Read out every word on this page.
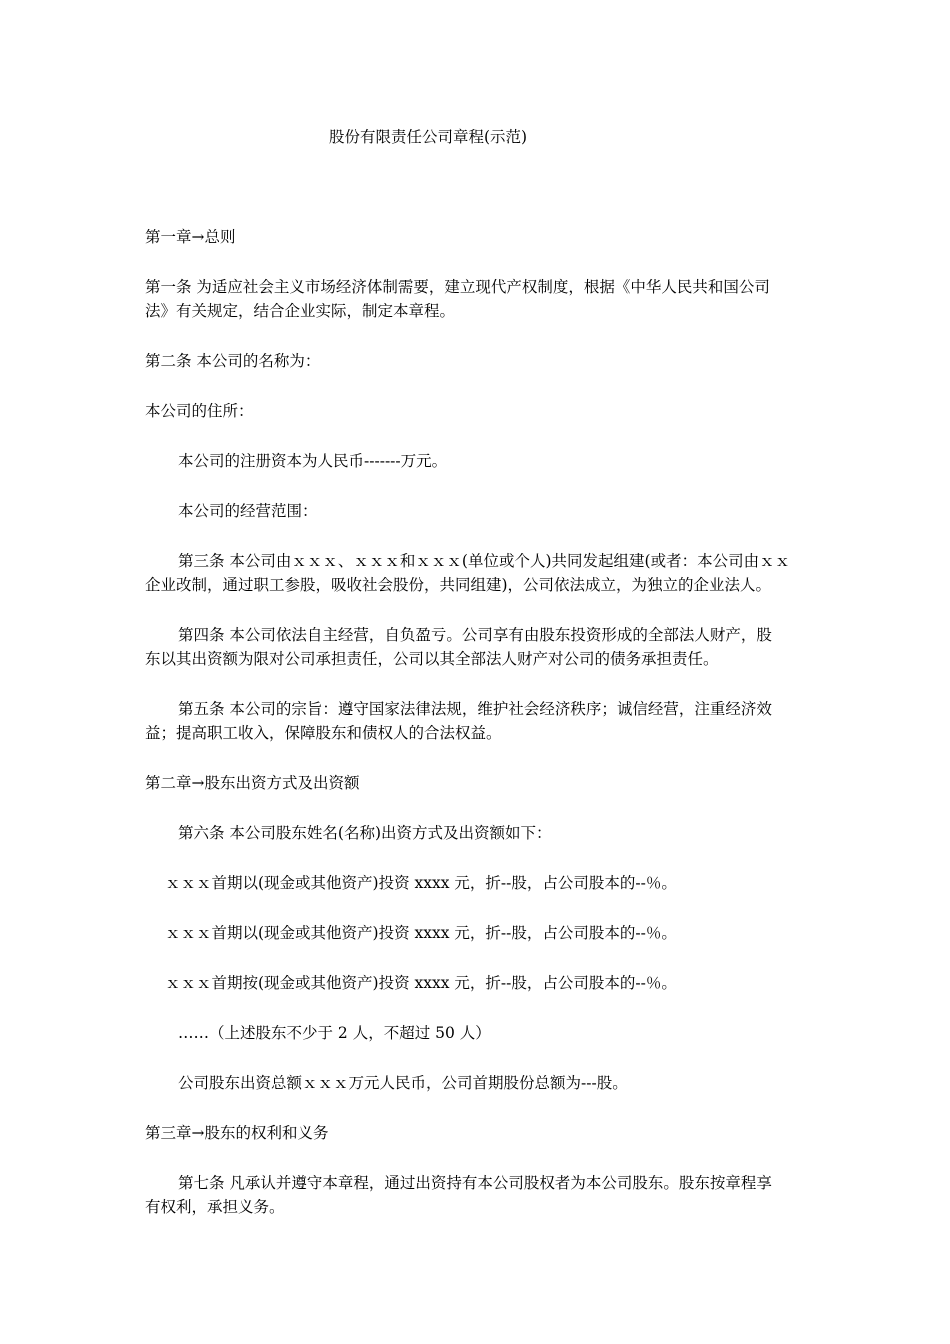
股份有限责任公司章程(示范)
第一章→总则
第一条 为适应社会主义市场经济体制需要，建立现代产权制度，根据《中华人民共和国公司
法》有关规定，结合企业实际，制定本章程。
第二条 本公司的名称为：
本公司的住所：
本公司的注册资本为人民币-------万元。
本公司的经营范围：
第三条 本公司由ｘｘｘ、ｘｘｘ和ｘｘｘ(单位或个人)共同发起组建(或者：本公司由ｘｘ
企业改制，通过职工参股，吸收社会股份，共同组建)，公司依法成立，为独立的企业法人。
第四条 本公司依法自主经营，自负盈亏。公司享有由股东投资形成的全部法人财产，股
东以其出资额为限对公司承担责任，公司以其全部法人财产对公司的债务承担责任。
第五条 本公司的宗旨：遵守国家法律法规，维护社会经济秩序；诚信经营，注重经济效
益；提高职工收入，保障股东和债权人的合法权益。
第二章→股东出资方式及出资额
第六条 本公司股东姓名(名称)出资方式及出资额如下：
ｘｘｘ首期以(现金或其他资产)投资 xxxx 元，折--股，占公司股本的--％。
ｘｘｘ首期以(现金或其他资产)投资 xxxx 元，折--股，占公司股本的--％。
ｘｘｘ首期按(现金或其他资产)投资 xxxx 元，折--股，占公司股本的--％。
……（上述股东不少于 2 人，不超过 50 人）
公司股东出资总额ｘｘｘ万元人民币，公司首期股份总额为---股。
第三章→股东的权利和义务
第七条 凡承认并遵守本章程，通过出资持有本公司股权者为本公司股东。股东按章程享
有权利，承担义务。
